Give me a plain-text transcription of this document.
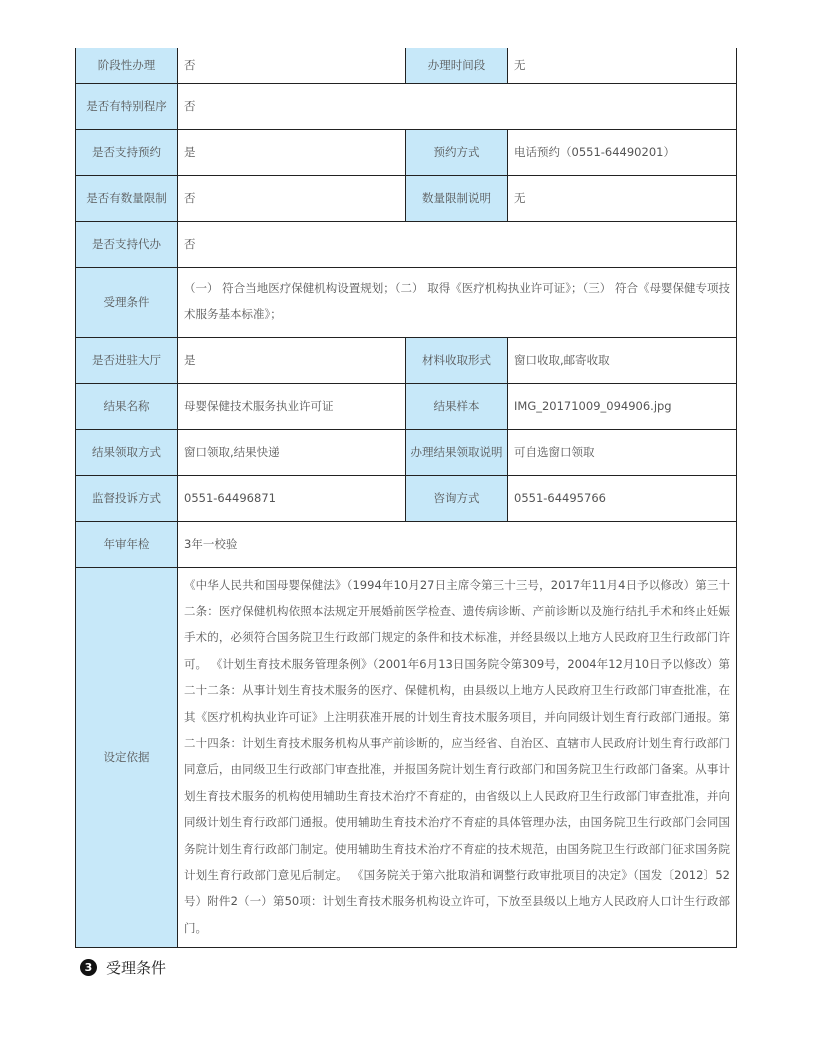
阶段性办理	否	办理时间段	无
是否有特别程序	否		
是否支持预约	是	预约方式	电话预约（0551-64490201）
是否有数量限制	否	数量限制说明	无
是否支持代办	否		
受理条件	（一） 符合当地医疗保健机构设置规划；（二） 取得《医疗机构执业许可证》；（三） 符合《母婴保健专项技术服务基本标准》；		
是否进驻大厅	是	材料收取形式	窗口收取,邮寄收取
结果名称	母婴保健技术服务执业许可证	结果样本	IMG_20171009_094906.jpg
结果领取方式	窗口领取,结果快递	办理结果领取说明	可自选窗口领取
监督投诉方式	0551-64496871	咨询方式	0551-64495766
年审年检	3年一校验		
设定依据	《中华人民共和国母婴保健法》（1994年10月27日主席令第三十三号，2017年11月4日予以修改）第三十二条：医疗保健机构依照本法规定开展婚前医学检查、遗传病诊断、产前诊断以及施行结扎手术和终止妊娠手术的，必须符合国务院卫生行政部门规定的条件和技术标准，并经县级以上地方人民政府卫生行政部门许可。 《计划生育技术服务管理条例》（2001年6月13日国务院令第309号，2004年12月10日予以修改）第二十二条：从事计划生育技术服务的医疗、保健机构，由县级以上地方人民政府卫生行政部门审查批准，在其《医疗机构执业许可证》上注明获准开展的计划生育技术服务项目，并向同级计划生育行政部门通报。第二十四条：计划生育技术服务机构从事产前诊断的，应当经省、自治区、直辖市人民政府计划生育行政部门同意后，由同级卫生行政部门审查批准，并报国务院计划生育行政部门和国务院卫生行政部门备案。从事计划生育技术服务的机构使用辅助生育技术治疗不育症的，由省级以上人民政府卫生行政部门审查批准，并向同级计划生育行政部门通报。使用辅助生育技术治疗不育症的具体管理办法，由国务院卫生行政部门会同国务院计划生育行政部门制定。使用辅助生育技术治疗不育症的技术规范，由国务院卫生行政部门征求国务院计划生育行政部门意见后制定。 《国务院关于第六批取消和调整行政审批项目的决定》（国发〔2012〕52号）附件2（一）第50项：计划生育技术服务机构设立许可，下放至县级以上地方人民政府人口计生行政部门。		
3 受理条件
